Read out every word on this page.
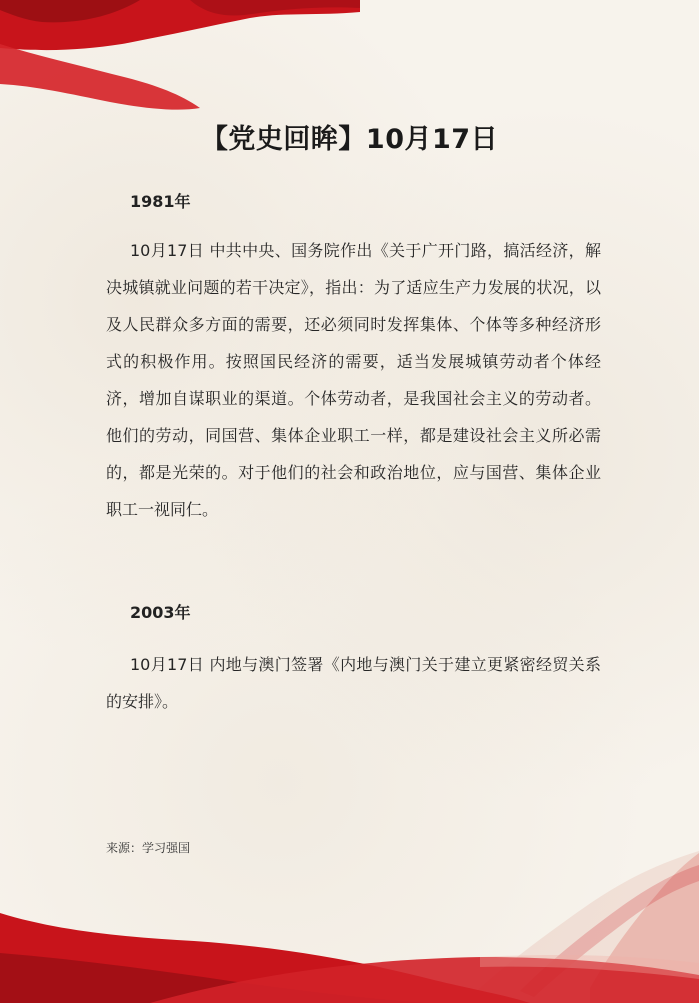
【党史回眸】10月17日
1981年
10月17日 中共中央、国务院作出《关于广开门路，搞活经济，解决城镇就业问题的若干决定》，指出：为了适应生产力发展的状况，以及人民群众多方面的需要，还必须同时发挥集体、个体等多种经济形式的积极作用。按照国民经济的需要，适当发展城镇劳动者个体经济，增加自谋职业的渠道。个体劳动者，是我国社会主义的劳动者。他们的劳动，同国营、集体企业职工一样，都是建设社会主义所必需的，都是光荣的。对于他们的社会和政治地位，应与国营、集体企业职工一视同仁。
2003年
10月17日 内地与澳门签署《内地与澳门关于建立更紧密经贸关系的安排》。
来源：学习强国
